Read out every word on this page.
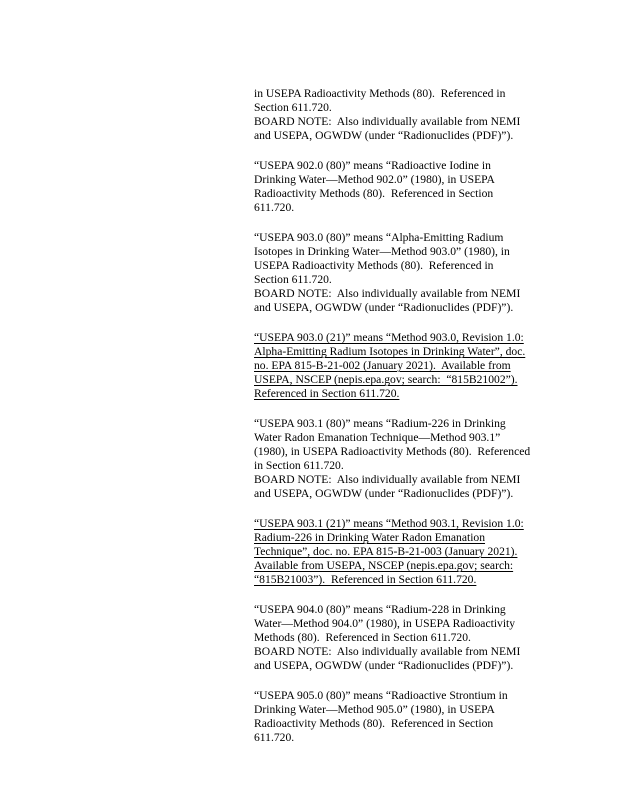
in USEPA Radioactivity Methods (80).  Referenced in
Section 611.720.
BOARD NOTE:  Also individually available from NEMI
and USEPA, OGWDW (under “Radionuclides (PDF)”).
“USEPA 902.0 (80)” means “Radioactive Iodine in
Drinking Water—Method 902.0” (1980), in USEPA
Radioactivity Methods (80).  Referenced in Section
611.720.
“USEPA 903.0 (80)” means “Alpha-Emitting Radium
Isotopes in Drinking Water—Method 903.0” (1980), in
USEPA Radioactivity Methods (80).  Referenced in
Section 611.720.
BOARD NOTE:  Also individually available from NEMI
and USEPA, OGWDW (under “Radionuclides (PDF)”).
“USEPA 903.0 (21)” means “Method 903.0, Revision 1.0:
Alpha-Emitting Radium Isotopes in Drinking Water”, doc.
no. EPA 815-B-21-002 (January 2021).  Available from
USEPA, NSCEP (nepis.epa.gov; search:  “815B21002”).
Referenced in Section 611.720.
“USEPA 903.1 (80)” means “Radium-226 in Drinking
Water Radon Emanation Technique—Method 903.1”
(1980), in USEPA Radioactivity Methods (80).  Referenced
in Section 611.720.
BOARD NOTE:  Also individually available from NEMI
and USEPA, OGWDW (under “Radionuclides (PDF)”).
“USEPA 903.1 (21)” means “Method 903.1, Revision 1.0:
Radium-226 in Drinking Water Radon Emanation
Technique”, doc. no. EPA 815-B-21-003 (January 2021).
Available from USEPA, NSCEP (nepis.epa.gov; search:
“815B21003”).  Referenced in Section 611.720.
“USEPA 904.0 (80)” means “Radium-228 in Drinking
Water—Method 904.0” (1980), in USEPA Radioactivity
Methods (80).  Referenced in Section 611.720.
BOARD NOTE:  Also individually available from NEMI
and USEPA, OGWDW (under “Radionuclides (PDF)”).
“USEPA 905.0 (80)” means “Radioactive Strontium in
Drinking Water—Method 905.0” (1980), in USEPA
Radioactivity Methods (80).  Referenced in Section
611.720.
